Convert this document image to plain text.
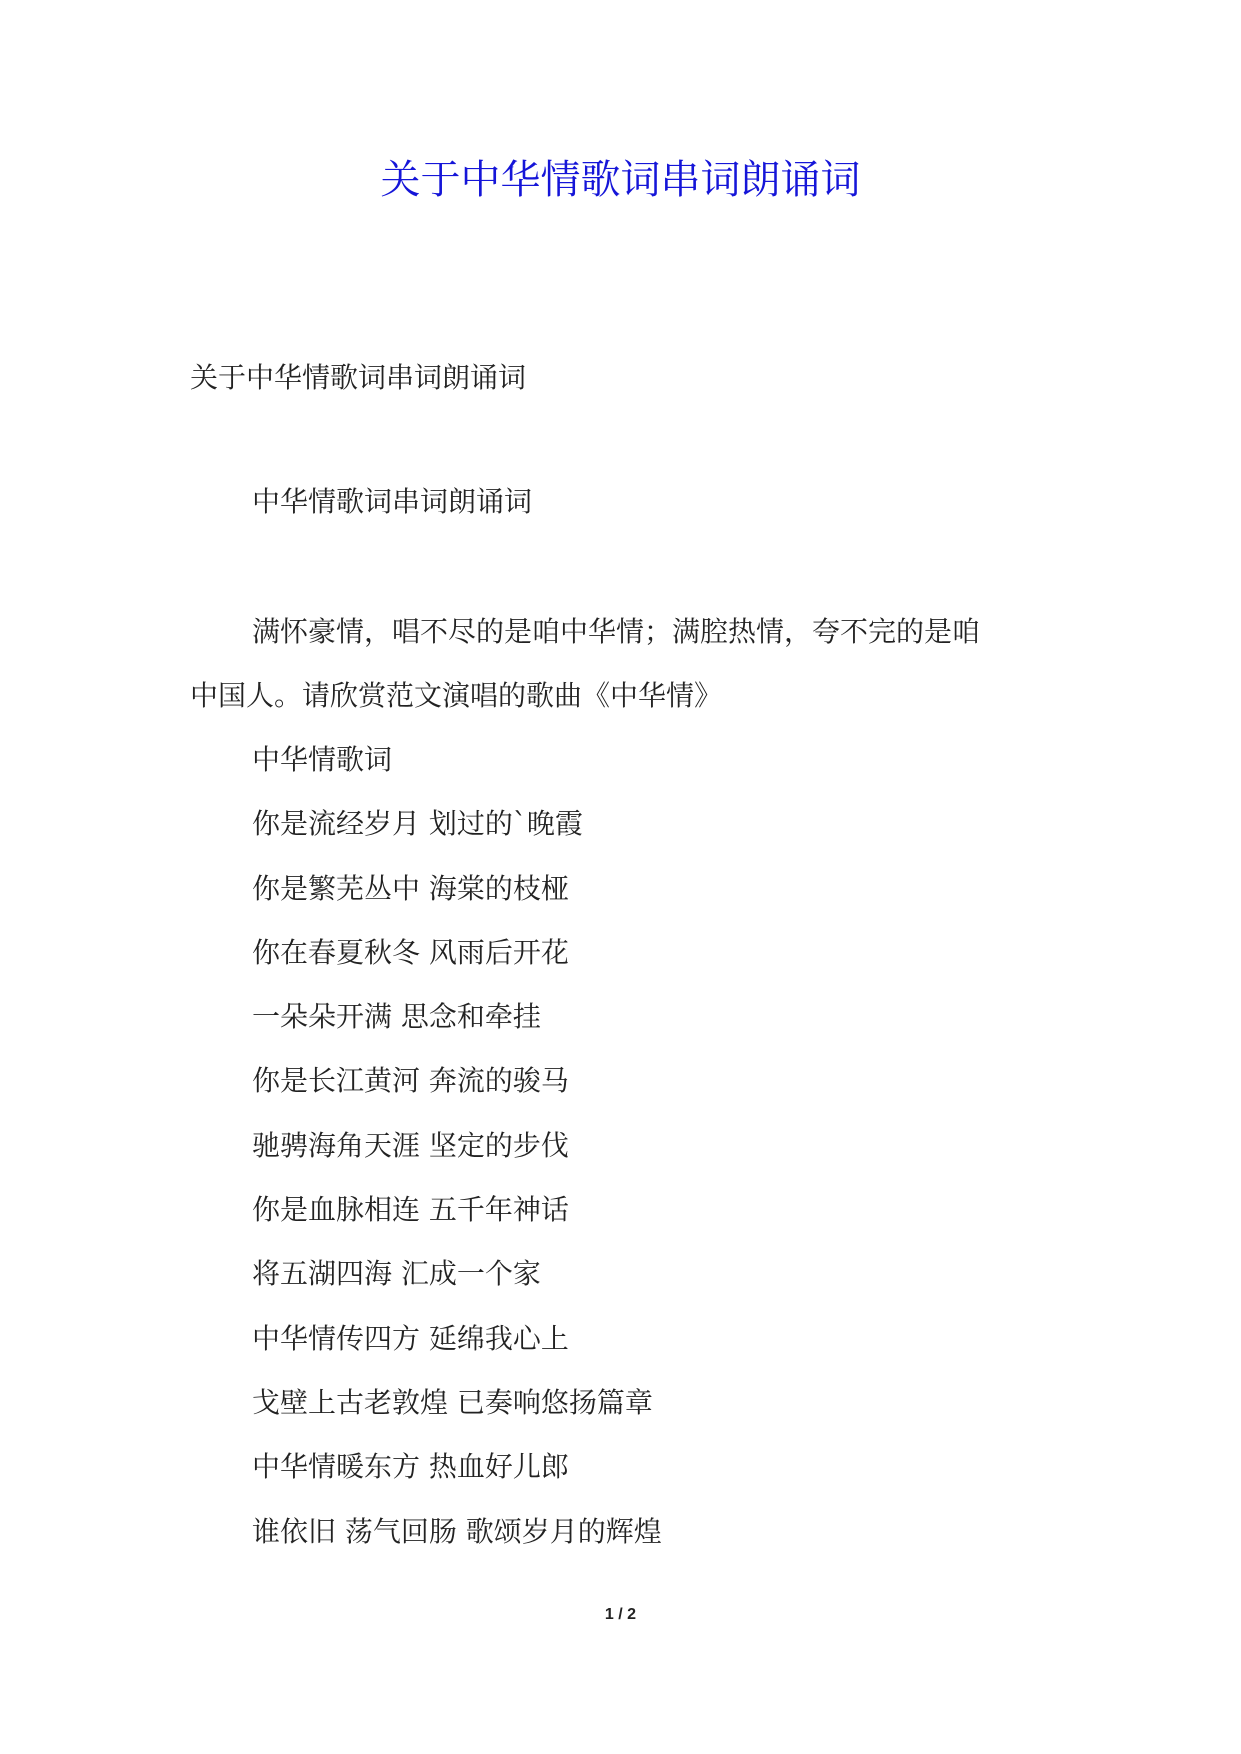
关于中华情歌词串词朗诵词

关于中华情歌词串词朗诵词

中华情歌词串词朗诵词

满怀豪情，唱不尽的是咱中华情；满腔热情，夸不完的是咱

中国人。请欣赏范文演唱的歌曲《中华情》

中华情歌词

你是流经岁月 划过的`晚霞

你是繁芜丛中 海棠的枝桠

你在春夏秋冬 风雨后开花

一朵朵开满 思念和牵挂

你是长江黄河 奔流的骏马

驰骋海角天涯 坚定的步伐

你是血脉相连 五千年神话

将五湖四海 汇成一个家

中华情传四方 延绵我心上

戈壁上古老敦煌 已奏响悠扬篇章

中华情暖东方 热血好儿郎

谁依旧 荡气回肠 歌颂岁月的辉煌

1 / 2
